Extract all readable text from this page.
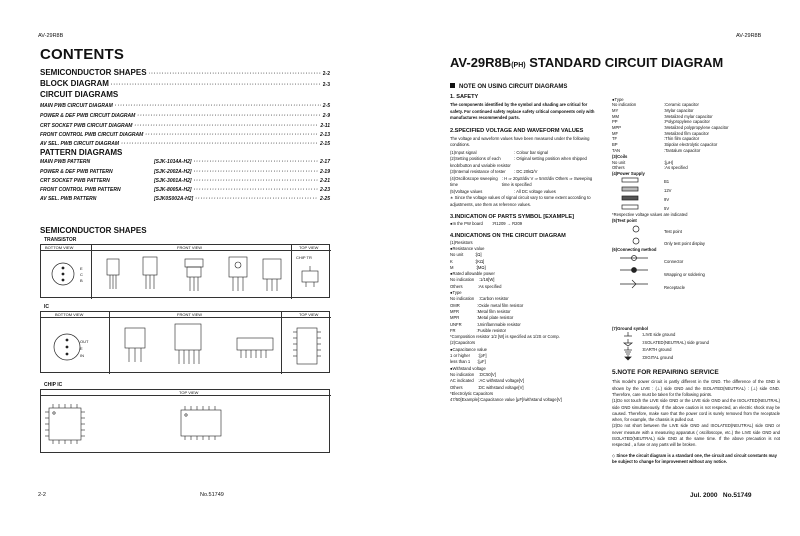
AV-29R8B	AV-29R8B
CONTENTS
SEMICONDUCTOR SHAPES ·····	2-2
BLOCK DIAGRAM ·····	2-3
CIRCUIT DIAGRAMS
MAIN PWB CIRCUIT DIAGRAM ·····	2-5
POWER & DEF PWB CIRCUIT DIAGRAM ·····	2-9
CRT SOCKET PWB CIRCUIT DIAGRAM ·····	2-11
FRONT CONTROL PWB CIRCUIT DIAGRAM ·····	2-13
AV SEL. PWB CIRCUIT DIAGRAM ·····	2-15
PATTERN DIAGRAMS
MAIN PWB PATTERN	[SJK-1014A-H2] ·····	2-17
POWER & DEF PWB PATTERN	[SJK-2002A-H2] ·····	2-19
CRT SOCKET PWB PATTERN	[SJK-3001A-H2] ·····	2-21
FRONT CONTROL PWB PATTERN	[SJK-8005A-H2] ·····	2-23
AV SEL. PWB PATTERN	[SJK0S002A-H2] ·····	2-25
SEMICONDUCTOR SHAPES
TRANSISTOR
BOTTOM VIEW	FRONT VIEW	TOP VIEW
CHIP TR
E
C
B
IC
BOTTOM VIEW	FRONT VIEW	TOP VIEW
OUT
E
IN
CHIP IC
TOP VIEW
2-2	No.51749
AV-29R8B(PH) STANDARD CIRCUIT DIAGRAM
NOTE ON USING CIRCUIT DIAGRAMS
1. SAFETY
The components identified by the symbol and shading are critical for safety. For continued safety replace safety critical components only with manufactures recommended parts.
2.SPECIFIED VOLTAGE AND WAVEFORM VALUES
The voltage and waveform values have been measured under the following conditions.
(1)Input signal	: Colour bar signal
(2)Setting positions of each knob/button and variable resistor
: Original setting position when shipped
(3)Internal resistance of tester	: DC 20kΩ/V
(4)Oscilloscope sweeping time
: H ⇒ 20μS/div V ⇒ 5mS/div Others ⇒ Sweeping time is specified
(5)Voltage values	: All DC voltage values
∗ Since the voltage values of signal circuit vary to some extent according to adjustments, use them as reference values.
3.INDICATION OF PARTS SYMBOL [EXAMPLE]
●In the PW board        :R1209 → R209
4.INDICATIONS ON THE CIRCUIT DIAGRAM
(1)Resistors
●Resistance value
No unit          :[Ω]
K                   :[KΩ]
M                   :[MΩ]
●Rated allowable power
No indication    :1/16[W]
Others             :As specified
●Type
No indication    :Carbon resistor
OMR               :Oxide metal film resistor
MFR               :Metal film resistor
MPR               :Metal plate resistor
UNFR             :Uninflammable resistor
FR                  :Fusible resistor
*Composition resistor 1/2 [W] is specified as 1/2S or Comp.
(2)Capacitors
●Capacitance value
1 or higher       :[pF]
less than 1      :[μF]
●Withstand voltage
No indication    :DC50[V]
AC indicated    :AC withstand voltage[V]
Others             :DC withstand voltage[V]
*Electrolytic Capacitors
47/50[Example]:Capacitance value [μF]/withstand voltage[V]
●Type
No indication	:Ceramic capacitor
MY	:Mylar capacitor
MM	:Metalized mylar capacitor
PP	:Polypropylene capacitor
MPP	:Metalized polypropylene capacitor
MF	:Metalized film capacitor
TF	:Thin film capacitor
BP	:Bipolar electrolytic capacitor
TAN	:Tantalum capacitor
(3)Coils
No unit	:[μH]
Others	:As specified
(4)Power Supply
B1
12V
9V
5V
*Respective voltage values are indicated
(5)Test point
Test point
Only test point display
(6)Connecting method
Connector
Wrapping or soldering
Receptacle
(7)Ground symbol
:LIVE side ground
:ISOLATED(NEUTRAL) side ground
:EARTH ground
:DIGITAL ground
5.NOTE FOR REPAIRING SERVICE
This model's power circuit is partly different in the GND. The difference of the GND is shown by the LIVE : (⊥) side GND and the ISOLATED(NEUTRAL) : (⊥) side GND. Therefore, care must be taken for the following points.
(1)Do not touch the LIVE side GND or the LIVE side GND and the ISOLATED(NEUTRAL) side GND simultaneously. If the above caution is not respected, an electric shock may be caused. Therefore, make sure that the power cord is surely removed from the receptacle when, for example, the chassis is pulled out.
(2)Do not short between the LIVE side GND and ISOLATED(NEUTRAL) side GND or never measure with a measuring apparatus ( oscilloscope, etc.) the LIVE side GND and ISOLATED(NEUTRAL) side GND at the same time. If the above precaution is not respected , a fuse or any parts will be broken.
◇ Since the circuit diagram is a standard one, the circuit and circuit constants may be subject to change for improvement without any notice.
Jul. 2000 No.51749
